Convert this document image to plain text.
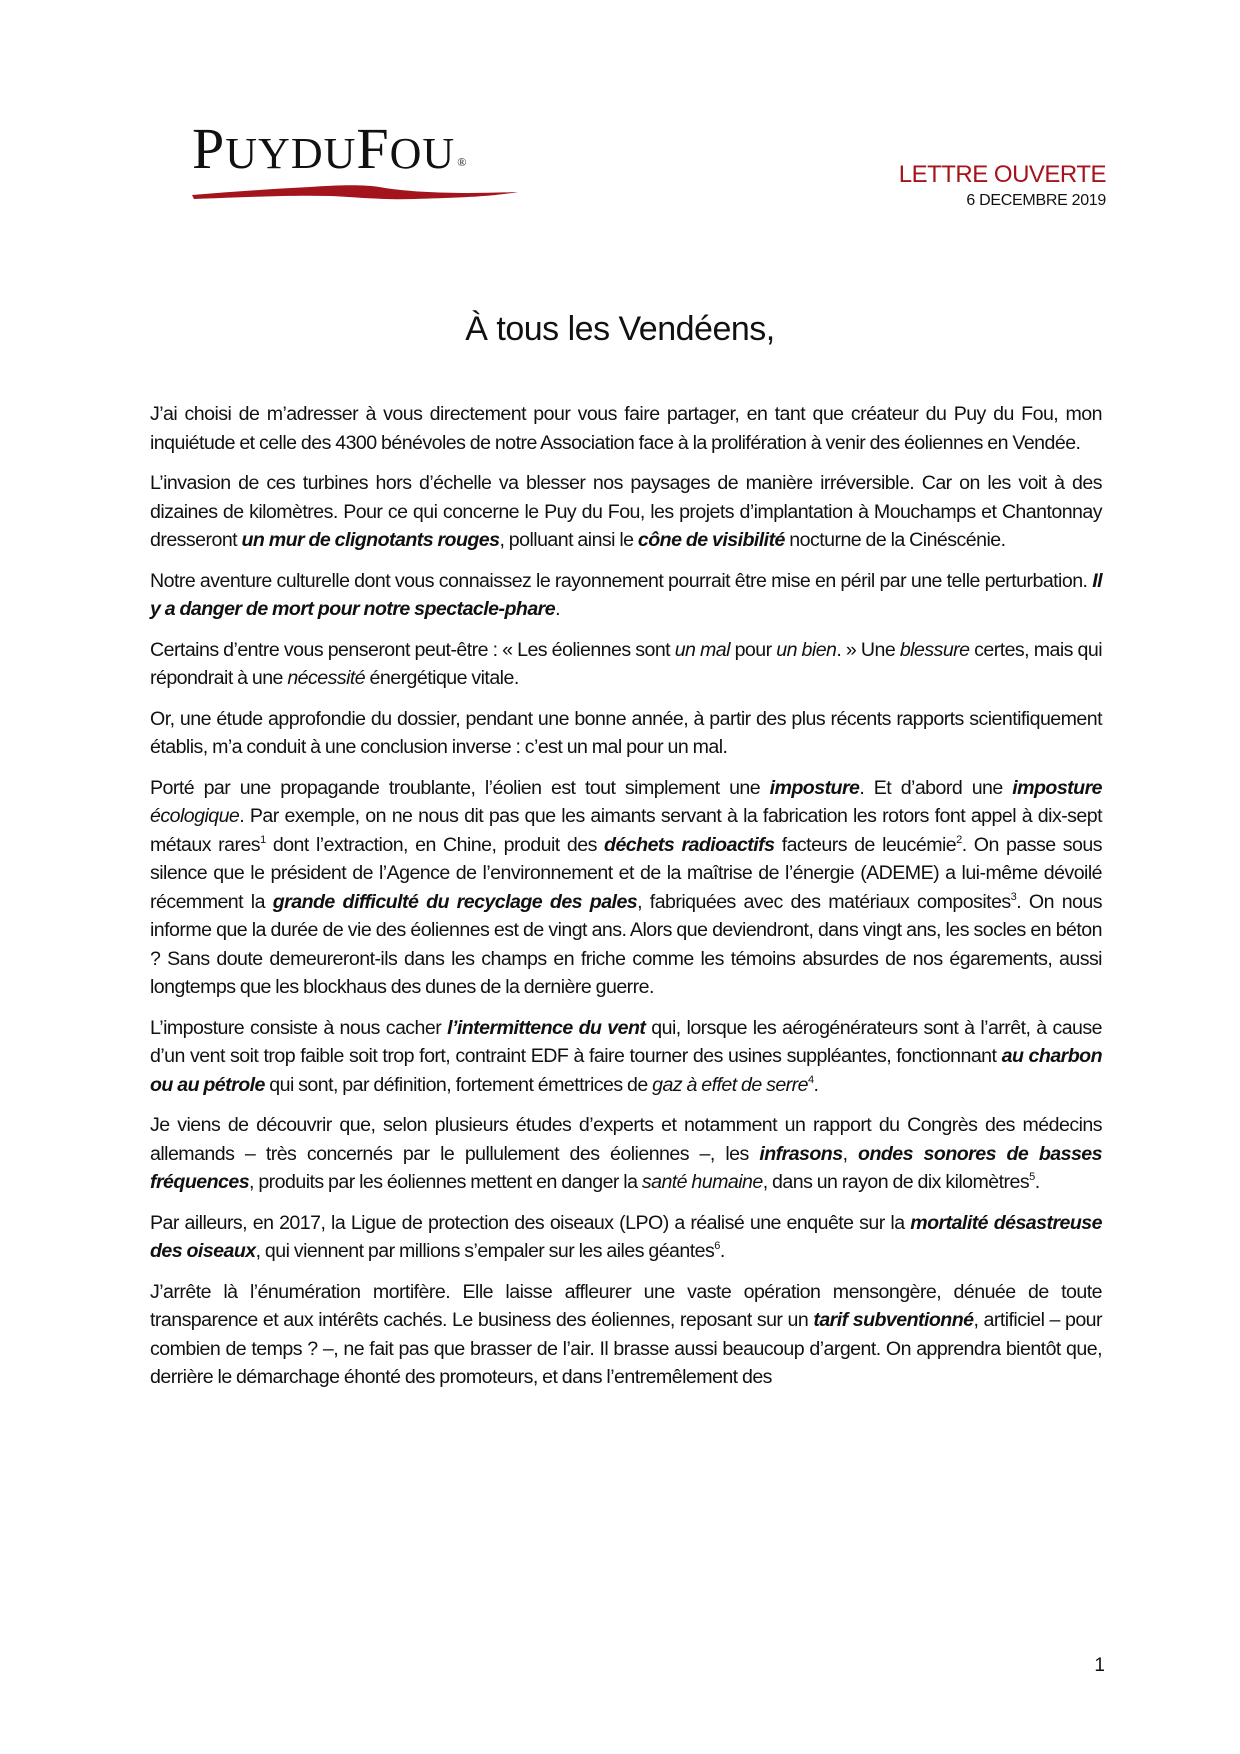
PUYDUFOU ®	LETTRE OUVERTE
6 DECEMBRE 2019
À tous les Vendéens,

J’ai choisi de m’adresser à vous directement pour vous faire partager, en tant que créateur du Puy du Fou, mon inquiétude et celle des 4300 bénévoles de notre Association face à la prolifération à venir des éoliennes en Vendée.

L’invasion de ces turbines hors d’échelle va blesser nos paysages de manière irréversible. Car on les voit à des dizaines de kilomètres. Pour ce qui concerne le Puy du Fou, les projets d’implantation à Mouchamps et Chantonnay dresseront un mur de clignotants rouges, polluant ainsi le cône de visibilité nocturne de la Cinéscénie.

Notre aventure culturelle dont vous connaissez le rayonnement pourrait être mise en péril par une telle perturbation. Il y a danger de mort pour notre spectacle-phare.

Certains d’entre vous penseront peut-être : « Les éoliennes sont un mal pour un bien. » Une blessure certes, mais qui répondrait à une nécessité énergétique vitale.

Or, une étude approfondie du dossier, pendant une bonne année, à partir des plus récents rapports scientifiquement établis, m’a conduit à une conclusion inverse : c’est un mal pour un mal.

Porté par une propagande troublante, l’éolien est tout simplement une imposture. Et d’abord une imposture écologique. Par exemple, on ne nous dit pas que les aimants servant à la fabrication les rotors font appel à dix-sept métaux rares$^1$ dont l’extraction, en Chine, produit des déchets radioactifs facteurs de leucémie$^2$. On passe sous silence que le président de l’Agence de l’environnement et de la maîtrise de l’énergie (ADEME) a lui-même dévoilé récemment la grande difficulté du recyclage des pales, fabriquées avec des matériaux composites$^3$. On nous informe que la durée de vie des éoliennes est de vingt ans. Alors que deviendront, dans vingt ans, les socles en béton ? Sans doute demeureront-ils dans les champs en friche comme les témoins absurdes de nos égarements, aussi longtemps que les blockhaus des dunes de la dernière guerre.

L’imposture consiste à nous cacher l’intermittence du vent qui, lorsque les aérogénérateurs sont à l’arrêt, à cause d’un vent soit trop faible soit trop fort, contraint EDF à faire tourner des usines suppléantes, fonctionnant au charbon ou au pétrole qui sont, par définition, fortement émettrices de gaz à effet de serre$^4$.

Je viens de découvrir que, selon plusieurs études d’experts et notamment un rapport du Congrès des médecins allemands – très concernés par le pullulement des éoliennes –, les infrasons, ondes sonores de basses fréquences, produits par les éoliennes mettent en danger la santé humaine, dans un rayon de dix kilomètres$^5$.

Par ailleurs, en 2017, la Ligue de protection des oiseaux (LPO) a réalisé une enquête sur la mortalité désastreuse des oiseaux, qui viennent par millions s’empaler sur les ailes géantes$^6$.

J’arrête là l’énumération mortifère. Elle laisse affleurer une vaste opération mensongère, dénuée de toute transparence et aux intérêts cachés. Le business des éoliennes, reposant sur un tarif subventionné, artificiel – pour combien de temps ? –, ne fait pas que brasser de l’air. Il brasse aussi beaucoup d’argent. On apprendra bientôt que, derrière le démarchage éhonté des promoteurs, et dans l’entremêlement des

1
